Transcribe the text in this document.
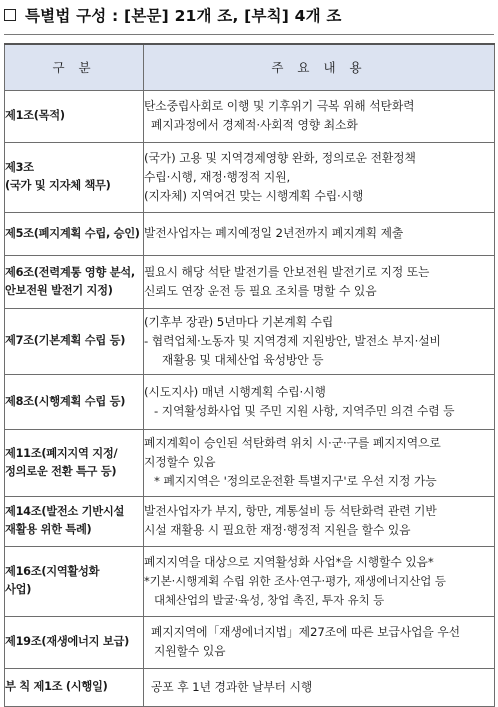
특별법 구성 : [본문] 21개 조, [부칙] 4개 조
구 분	주 요 내 용

제1조(목적)	탄소중립사회로 이행 및 기후위기 극복 위해 석탄화력
폐지과정에서 경제적·사회적 영향 최소화

제3조
(국가 및 지자체 책무)	(국가) 고용 및 지역경제영향 완화, 정의로운 전환정책
수립·시행, 재정·행정적 지원,
(지자체) 지역여건 맞는 시행계획 수립·시행

제5조(폐지계획 수립, 승인)	발전사업자는 폐지예정일 2년전까지 폐지계획 제출

제6조(전력계통 영향 분석,
안보전원 발전기 지정)	필요시 해당 석탄 발전기를 안보전원 발전기로 지정 또는
신뢰도 연장 운전 등 필요 조치를 명할 수 있음

제7조(기본계획 수립 등)	(기후부 장관) 5년마다 기본계획 수립
- 협력업체·노동자 및 지역경제 지원방안, 발전소 부지·설비
재활용 및 대체산업 육성방안 등

제8조(시행계획 수립 등)	(시도지사) 매년 시행계획 수립·시행
- 지역활성화사업 및 주민 지원 사항, 지역주민 의견 수렴 등

제11조(폐지지역 지정/
정의로운 전환 특구 등)	폐지계획이 승인된 석탄화력 위치 시·군·구를 폐지지역으로
지정할수 있음
* 폐지지역은 '정의로운전환 특별지구'로 우선 지정 가능

제14조(발전소 기반시설
재활용 위한 특례)	발전사업자가 부지, 항만, 계통설비 등 석탄화력 관련 기반
시설 재활용 시 필요한 재정·행정적 지원을 할수 있음

제16조(지역활성화
사업)	폐지지역을 대상으로 지역활성화 사업*을 시행할수 있음*
*기본·시행계획 수립 위한 조사·연구·평가, 재생에너지산업 등
대체산업의 발굴·육성, 창업 촉진, 투자 유치 등

제19조(재생에너지 보급)	폐지지역에「재생에너지법」제27조에 따른 보급사업을 우선
지원할수 있음

부 칙 제1조 (시행일)	공포 후 1년 경과한 날부터 시행
